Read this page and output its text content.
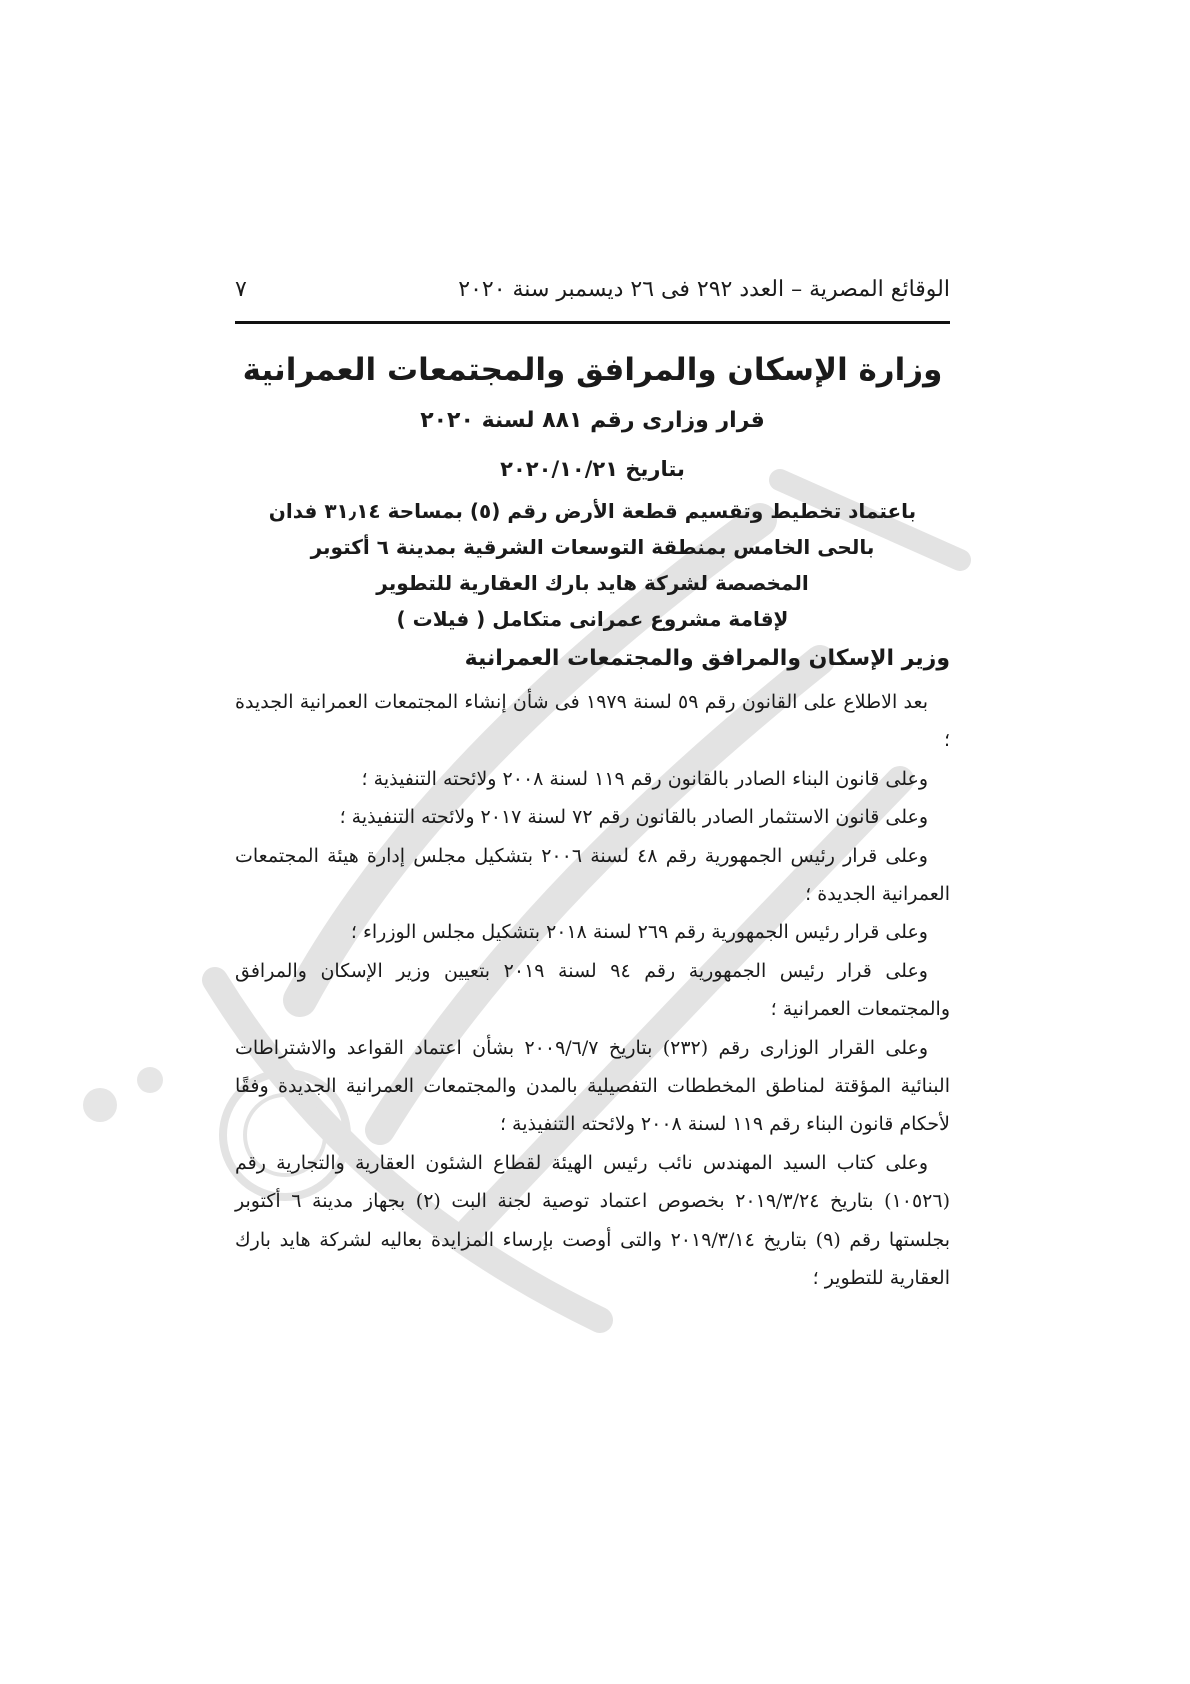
٧	الوقائع المصرية – العدد ٢٩٢ فى ٢٦ ديسمبر سنة ٢٠٢٠
وزارة الإسكان والمرافق والمجتمعات العمرانية
قرار وزارى رقم ٨٨١ لسنة ٢٠٢٠
بتاريخ ٢٠٢٠/١٠/٢١
باعتماد تخطيط وتقسيم قطعة الأرض رقم (٥) بمساحة ٣١٫١٤ فدان
بالحى الخامس بمنطقة التوسعات الشرقية بمدينة ٦ أكتوبر
المخصصة لشركة هايد بارك العقارية للتطوير
لإقامة مشروع عمرانى متكامل ( فيلات )
وزير الإسكان والمرافق والمجتمعات العمرانية

بعد الاطلاع على القانون رقم ٥٩ لسنة ١٩٧٩ فى شأن إنشاء المجتمعات العمرانية الجديدة ؛

وعلى قانون البناء الصادر بالقانون رقم ١١٩ لسنة ٢٠٠٨ ولائحته التنفيذية ؛

وعلى قانون الاستثمار الصادر بالقانون رقم ٧٢ لسنة ٢٠١٧ ولائحته التنفيذية ؛

وعلى قرار رئيس الجمهورية رقم ٤٨ لسنة ٢٠٠٦ بتشكيل مجلس إدارة هيئة المجتمعات العمرانية الجديدة ؛

وعلى قرار رئيس الجمهورية رقم ٢٦٩ لسنة ٢٠١٨ بتشكيل مجلس الوزراء ؛

وعلى قرار رئيس الجمهورية رقم ٩٤ لسنة ٢٠١٩ بتعيين وزير الإسكان والمرافق والمجتمعات العمرانية ؛

وعلى القرار الوزارى رقم (٢٣٢) بتاريخ ٢٠٠٩/٦/٧ بشأن اعتماد القواعد والاشتراطات البنائية المؤقتة لمناطق المخططات التفصيلية بالمدن والمجتمعات العمرانية الجديدة وفقًا لأحكام قانون البناء رقم ١١٩ لسنة ٢٠٠٨ ولائحته التنفيذية ؛

وعلى كتاب السيد المهندس نائب رئيس الهيئة لقطاع الشئون العقارية والتجارية رقم (١٠٥٢٦) بتاريخ ٢٠١٩/٣/٢٤ بخصوص اعتماد توصية لجنة البت (٢) بجهاز مدينة ٦ أكتوبر بجلستها رقم (٩) بتاريخ ٢٠١٩/٣/١٤ والتى أوصت بإرساء المزايدة بعاليه لشركة هايد بارك العقارية للتطوير ؛
